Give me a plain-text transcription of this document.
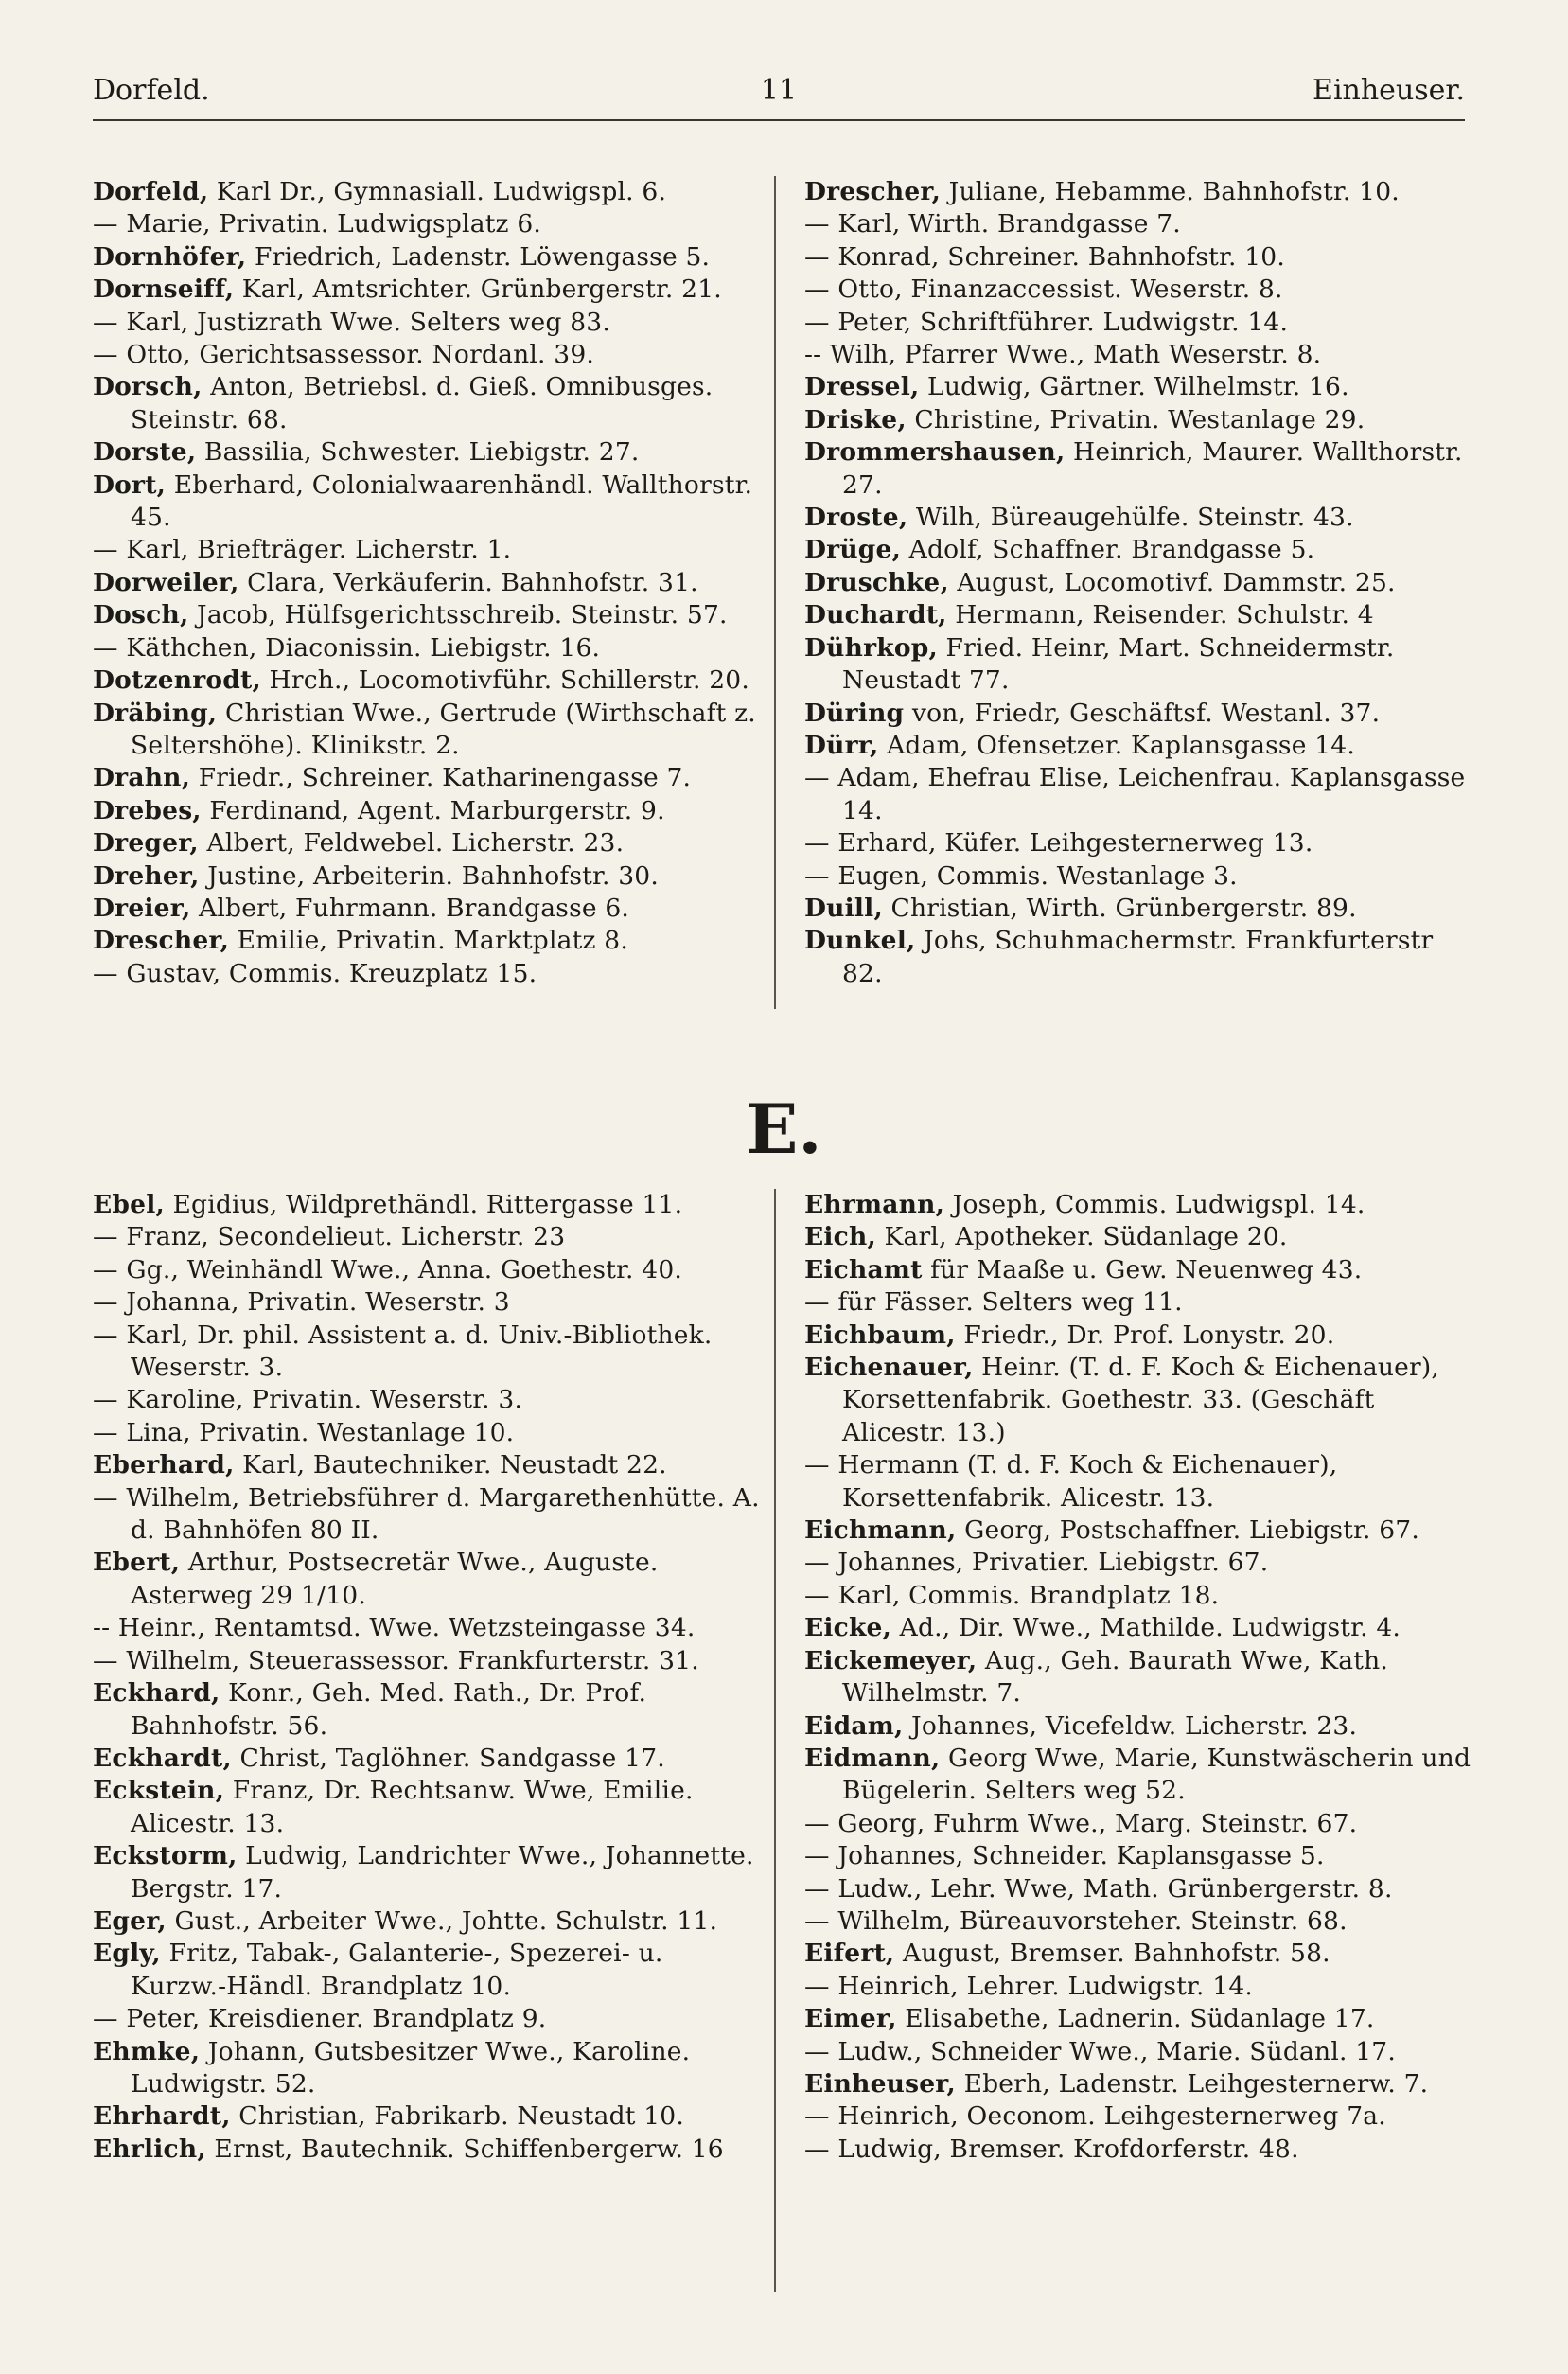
Dorfeld.	11	Einheuser.

Dorfeld, Karl Dr., Gymnasiall. Ludwigspl. 6.

— Marie, Privatin. Ludwigsplatz 6.

Dornhöfer, Friedrich, Ladenstr. Löwengasse 5.

Dornseiff, Karl, Amtsrichter. Grünbergerstr. 21.

— Karl, Justizrath Wwe. Selters weg 83.

— Otto, Gerichtsassessor. Nordanl. 39.

Dorsch, Anton, Betriebsl. d. Gieß. Omnibusges. Steinstr. 68.

Dorste, Bassilia, Schwester. Liebigstr. 27.

Dort, Eberhard, Colonialwaarenhändl. Wallthorstr. 45.

— Karl, Briefträger. Licherstr. 1.

Dorweiler, Clara, Verkäuferin. Bahnhofstr. 31.

Dosch, Jacob, Hülfsgerichtsschreib. Steinstr. 57.

— Käthchen, Diaconissin. Liebigstr. 16.

Dotzenrodt, Hrch., Locomotivführ. Schillerstr. 20.

Dräbing, Christian Wwe., Gertrude (Wirthschaft z. Seltershöhe). Klinikstr. 2.

Drahn, Friedr., Schreiner. Katharinengasse 7.

Drebes, Ferdinand, Agent. Marburgerstr. 9.

Dreger, Albert, Feldwebel. Licherstr. 23.

Dreher, Justine, Arbeiterin. Bahnhofstr. 30.

Dreier, Albert, Fuhrmann. Brandgasse 6.

Drescher, Emilie, Privatin. Marktplatz 8.

— Gustav, Commis. Kreuzplatz 15.

Drescher, Juliane, Hebamme. Bahnhofstr. 10.

— Karl, Wirth. Brandgasse 7.

— Konrad, Schreiner. Bahnhofstr. 10.

— Otto, Finanzaccessist. Weserstr. 8.

— Peter, Schriftführer. Ludwigstr. 14.

-- Wilh, Pfarrer Wwe., Math Weserstr. 8.

Dressel, Ludwig, Gärtner. Wilhelmstr. 16.

Driske, Christine, Privatin. Westanlage 29.

Drommershausen, Heinrich, Maurer. Wallthorstr. 27.

Droste, Wilh, Büreaugehülfe. Steinstr. 43.

Drüge, Adolf, Schaffner. Brandgasse 5.

Druschke, August, Locomotivf. Dammstr. 25.

Duchardt, Hermann, Reisender. Schulstr. 4

Dührkop, Fried. Heinr, Mart. Schneidermstr. Neustadt 77.

Düring von, Friedr, Geschäftsf. Westanl. 37.

Dürr, Adam, Ofensetzer. Kaplansgasse 14.

— Adam, Ehefrau Elise, Leichenfrau. Kaplansgasse 14.

— Erhard, Küfer. Leihgesternerweg 13.

— Eugen, Commis. Westanlage 3.

Duill, Christian, Wirth. Grünbergerstr. 89.

Dunkel, Johs, Schuhmachermstr. Frankfurterstr 82.

E.

Ebel, Egidius, Wildprethändl. Rittergasse 11.

— Franz, Secondelieut. Licherstr. 23

— Gg., Weinhändl Wwe., Anna. Goethestr. 40.

— Johanna, Privatin. Weserstr. 3

— Karl, Dr. phil. Assistent a. d. Univ.-Bibliothek. Weserstr. 3.

— Karoline, Privatin. Weserstr. 3.

— Lina, Privatin. Westanlage 10.

Eberhard, Karl, Bautechniker. Neustadt 22.

— Wilhelm, Betriebsführer d. Margarethenhütte. A. d. Bahnhöfen 80 II.

Ebert, Arthur, Postsecretär Wwe., Auguste. Asterweg 29 1/10.

-- Heinr., Rentamtsd. Wwe. Wetzsteingasse 34.

— Wilhelm, Steuerassessor. Frankfurterstr. 31.

Eckhard, Konr., Geh. Med. Rath., Dr. Prof. Bahnhofstr. 56.

Eckhardt, Christ, Taglöhner. Sandgasse 17.

Eckstein, Franz, Dr. Rechtsanw. Wwe, Emilie. Alicestr. 13.

Eckstorm, Ludwig, Landrichter Wwe., Johannette. Bergstr. 17.

Eger, Gust., Arbeiter Wwe., Johtte. Schulstr. 11.

Egly, Fritz, Tabak-, Galanterie-, Spezerei- u. Kurzw.-Händl. Brandplatz 10.

— Peter, Kreisdiener. Brandplatz 9.

Ehmke, Johann, Gutsbesitzer Wwe., Karoline. Ludwigstr. 52.

Ehrhardt, Christian, Fabrikarb. Neustadt 10.

Ehrlich, Ernst, Bautechnik. Schiffenbergerw. 16

Ehrmann, Joseph, Commis. Ludwigspl. 14.

Eich, Karl, Apotheker. Südanlage 20.

Eichamt für Maaße u. Gew. Neuenweg 43.

— für Fässer. Selters weg 11.

Eichbaum, Friedr., Dr. Prof. Lonystr. 20.

Eichenauer, Heinr. (T. d. F. Koch & Eichenauer), Korsettenfabrik. Goethestr. 33. (Geschäft Alicestr. 13.)

— Hermann (T. d. F. Koch & Eichenauer), Korsettenfabrik. Alicestr. 13.

Eichmann, Georg, Postschaffner. Liebigstr. 67.

— Johannes, Privatier. Liebigstr. 67.

— Karl, Commis. Brandplatz 18.

Eicke, Ad., Dir. Wwe., Mathilde. Ludwigstr. 4.

Eickemeyer, Aug., Geh. Baurath Wwe, Kath. Wilhelmstr. 7.

Eidam, Johannes, Vicefeldw. Licherstr. 23.

Eidmann, Georg Wwe, Marie, Kunstwäscherin und Bügelerin. Selters weg 52.

— Georg, Fuhrm Wwe., Marg. Steinstr. 67.

— Johannes, Schneider. Kaplansgasse 5.

— Ludw., Lehr. Wwe, Math. Grünbergerstr. 8.

— Wilhelm, Büreauvorsteher. Steinstr. 68.

Eifert, August, Bremser. Bahnhofstr. 58.

— Heinrich, Lehrer. Ludwigstr. 14.

Eimer, Elisabethe, Ladnerin. Südanlage 17.

— Ludw., Schneider Wwe., Marie. Südanl. 17.

Einheuser, Eberh, Ladenstr. Leihgesternerw. 7.

— Heinrich, Oeconom. Leihgesternerweg 7a.

— Ludwig, Bremser. Krofdorferstr. 48.
